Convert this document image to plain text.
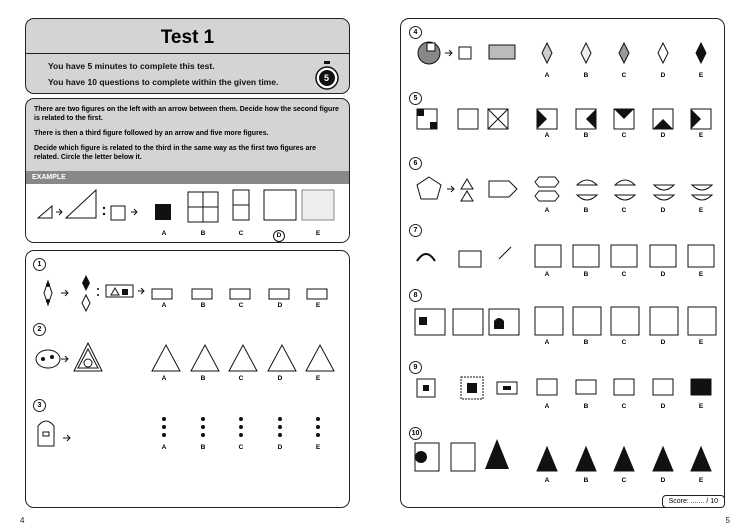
Test 1
You have 5 minutes to complete this test.
You have 10 questions to complete within the given time.	5

There are two figures on the left with an arrow between them. Decide how the second figure is related to the first.

There is then a third figure followed by an arrow and five more figures.

Decide which figure is related to the third in the same way as the first two figures are related. Circle the letter below it.

EXAMPLE
A	B	C	D	E
1
2
3
A	B	C	D	E
A	B	C	D	E
A	B	C	D	E
4
4
5
6
7
8
9
10
A	B	C	D	E
A	B	C	D	E
A	B	C	D	E
A	B	C	D	E
A	B	C	D	E
A	B	C	D	E
A	B	C	D	E
Score: ....... / 10
5
